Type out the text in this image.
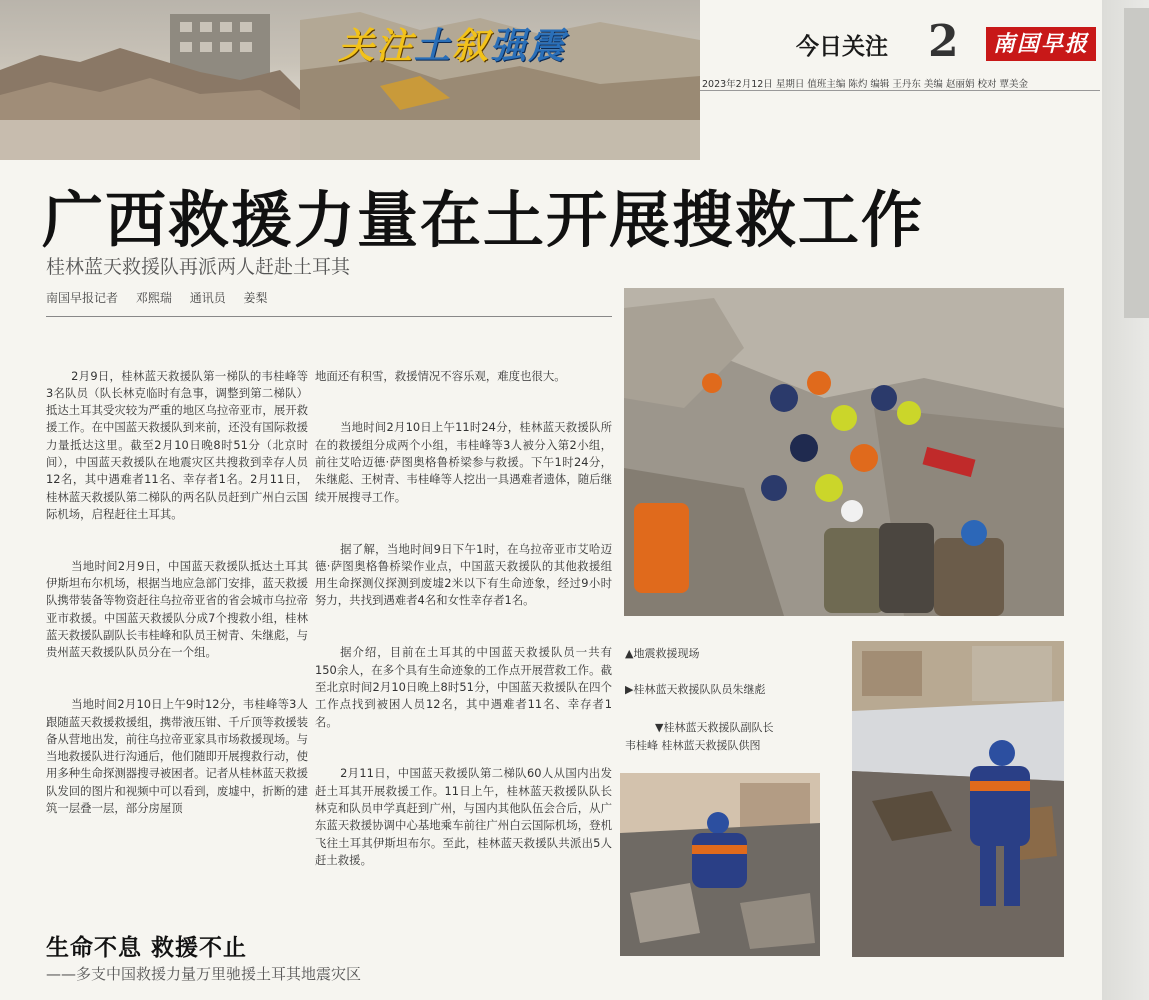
关注土叙强震	今日关注 2	南国早报
2023年2月12日 星期日 值班主编 陈灼 编辑 王丹东 美编 赵丽娟 校对 覃美金
广西救援力量在土开展搜救工作
桂林蓝天救援队再派两人赶赴土耳其
南国早报记者 邓熙瑞 通讯员 姜梨

2月9日，桂林蓝天救援队第一梯队的韦桂峰等3名队员（队长林克临时有急事，调整到第二梯队）抵达土耳其受灾较为严重的地区乌拉帝亚市，展开救援工作。在中国蓝天救援队到来前，还没有国际救援力量抵达这里。截至2月10日晚8时51分（北京时间），中国蓝天救援队在地震灾区共搜救到幸存人员12名，其中遇难者11名、幸存者1名。2月11日，桂林蓝天救援队第二梯队的两名队员赶到广州白云国际机场，启程赶往土耳其。

当地时间2月9日，中国蓝天救援队抵达土耳其伊斯坦布尔机场，根据当地应急部门安排，蓝天救援队携带装备等物资赶往乌拉帝亚省的省会城市乌拉帝亚市救援。中国蓝天救援队分成7个搜救小组，桂林蓝天救援队副队长韦桂峰和队员王树青、朱继彪，与贵州蓝天救援队队员分在一个组。

当地时间2月10日上午9时12分，韦桂峰等3人跟随蓝天救援救援组，携带液压钳、千斤顶等救援装备从营地出发，前往乌拉帝亚家具市场救援现场。与当地救援队进行沟通后，他们随即开展搜救行动，使用多种生命探测器搜寻被困者。记者从桂林蓝天救援队发回的图片和视频中可以看到，废墟中，折断的建筑一层叠一层，部分房屋顶

地面还有积雪，救援情况不容乐观，难度也很大。

当地时间2月10日上午11时24分，桂林蓝天救援队所在的救援组分成两个小组，韦桂峰等3人被分入第2小组，前往艾哈迈德·萨图奥格鲁桥梁参与救援。下午1时24分，朱继彪、王树青、韦桂峰等人挖出一具遇难者遗体，随后继续开展搜寻工作。

据了解，当地时间9日下午1时，在乌拉帝亚市艾哈迈德·萨图奥格鲁桥梁作业点，中国蓝天救援队的其他救援组用生命探测仪探测到废墟2米以下有生命迹象，经过9小时努力，共找到遇难者4名和女性幸存者1名。

据介绍，目前在土耳其的中国蓝天救援队员一共有150余人，在多个具有生命迹象的工作点开展营救工作。截至北京时间2月10日晚上8时51分，中国蓝天救援队在四个工作点找到被困人员12名，其中遇难者11名、幸存者1名。

2月11日，中国蓝天救援队第二梯队60人从国内出发赶土耳其开展救援工作。11日上午，桂林蓝天救援队队长林克和队员申学真赶到广州，与国内其他队伍会合后，从广东蓝天救援协调中心基地乘车前往广州白云国际机场，登机飞往土耳其伊斯坦布尔。至此，桂林蓝天救援队共派出5人赶土救援。

▲地震救援现场
▶桂林蓝天救援队队员朱继彪
▼桂林蓝天救援队副队长
韦桂峰 桂林蓝天救援队供图
生命不息 救援不止
——多支中国救援力量万里驰援土耳其地震灾区
